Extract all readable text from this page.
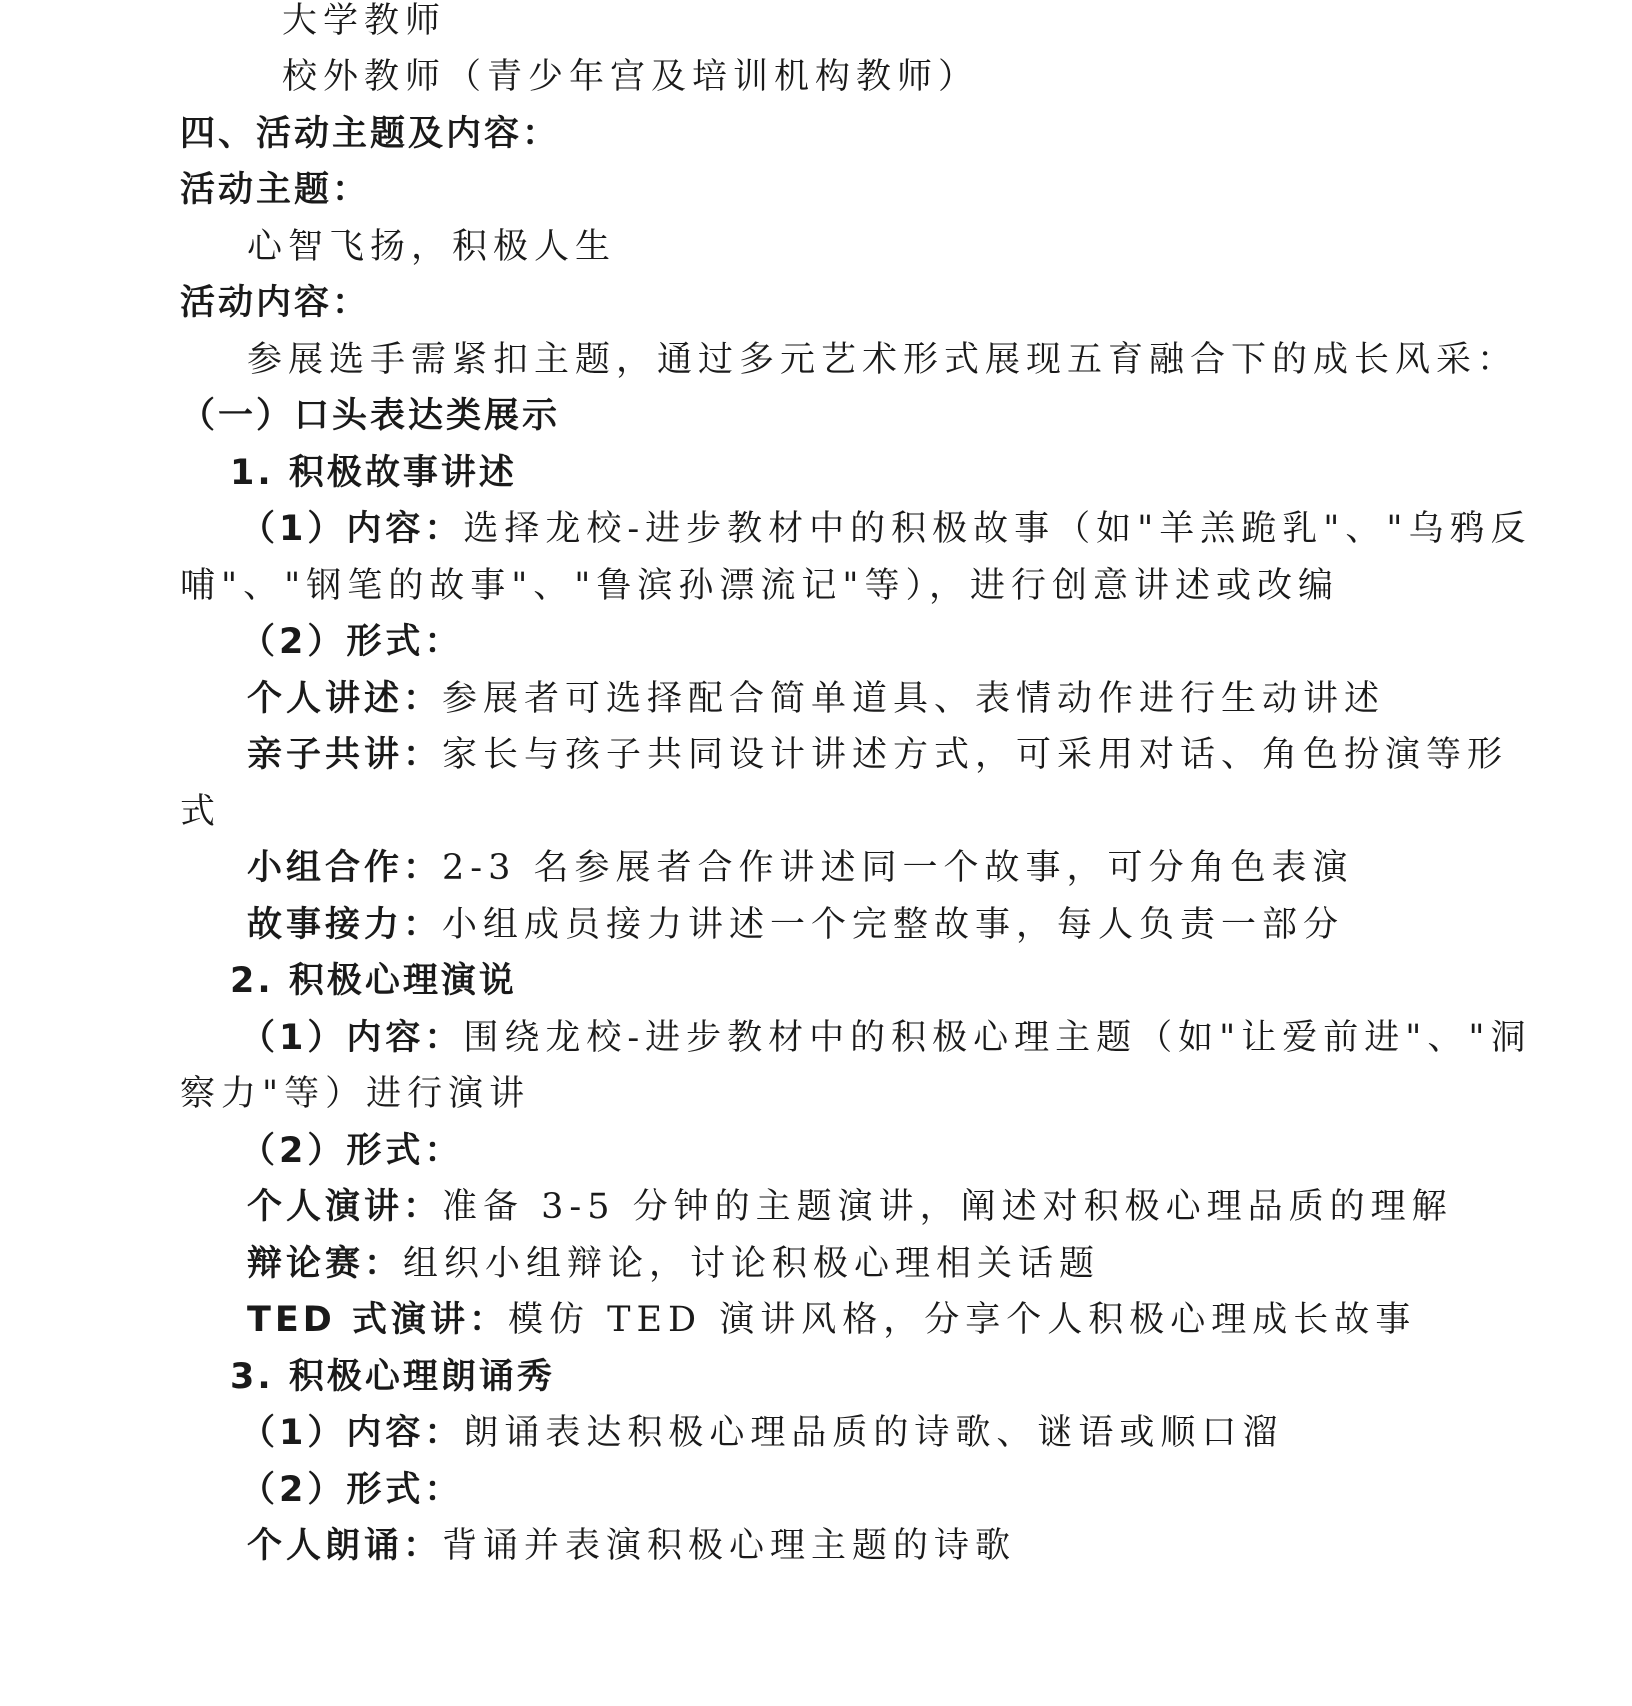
大学教师
校外教师（青少年宫及培训机构教师）
四、活动主题及内容：
活动主题：
心智飞扬，积极人生
活动内容：
参展选手需紧扣主题，通过多元艺术形式展现五育融合下的成长风采：
（一）口头表达类展示
1. 积极故事讲述
（1）内容：选择龙校-进步教材中的积极故事（如"羊羔跪乳"、"乌鸦反
哺"、"钢笔的故事"、"鲁滨孙漂流记"等），进行创意讲述或改编
（2）形式：
个人讲述：参展者可选择配合简单道具、表情动作进行生动讲述
亲子共讲：家长与孩子共同设计讲述方式，可采用对话、角色扮演等形
式
小组合作：2-3 名参展者合作讲述同一个故事，可分角色表演
故事接力：小组成员接力讲述一个完整故事，每人负责一部分
2. 积极心理演说
（1）内容：围绕龙校-进步教材中的积极心理主题（如"让爱前进"、"洞
察力"等）进行演讲
（2）形式：
个人演讲：准备 3-5 分钟的主题演讲，阐述对积极心理品质的理解
辩论赛：组织小组辩论，讨论积极心理相关话题
TED 式演讲：模仿 TED 演讲风格，分享个人积极心理成长故事
3. 积极心理朗诵秀
（1）内容：朗诵表达积极心理品质的诗歌、谜语或顺口溜
（2）形式：
个人朗诵：背诵并表演积极心理主题的诗歌
